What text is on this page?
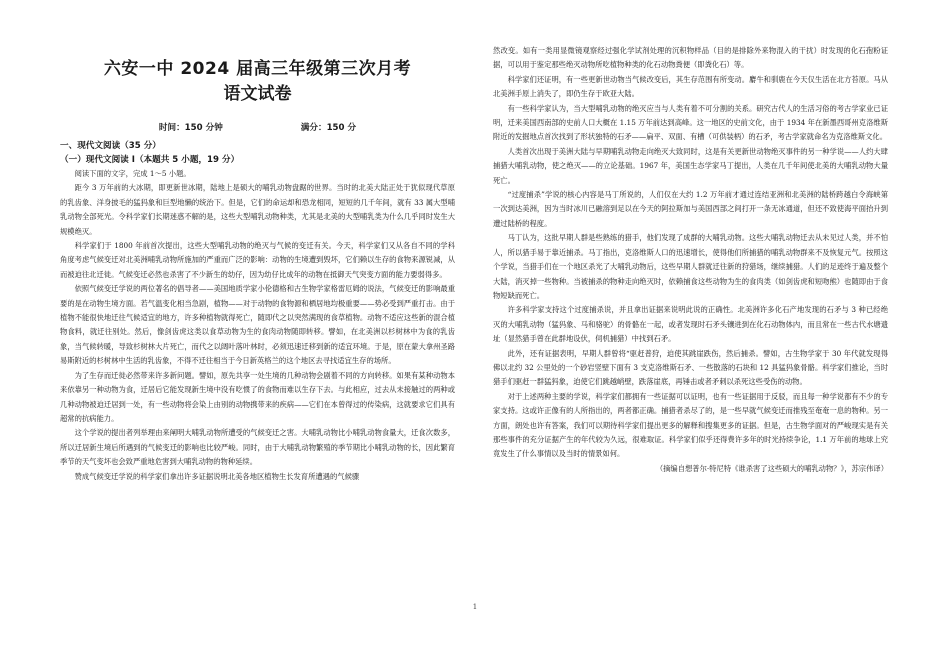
六安一中 2024 届高三年级第三次月考
语文试卷
时间：150 分钟	满分：150 分
一、现代文阅读（35 分）
（一）现代文阅读 I（本题共 5 小题，19 分）

阅读下面的文字，完成 1～5 小题。

距今 3 万年前的大冰期，即更新世冰期，陆地上是硕大的哺乳动物盘踞的世界。当时的北美大陆正处于犹似现代草原的乳齿象、洋身披毛的猛犸象和巨型地懒的统治下。但是，它们的命运却和恐龙相同，短短的几千年间，就有 33 属大型哺乳动物全部死光。令科学家们长期迷惑不解的是，这些大型哺乳动物种类，尤其是北美的大型哺乳类为什么几乎同时发生大规模绝灭。

科学家们于 1800 年前首次提出，这些大型哺乳动物的绝灭与气候的变迁有关。今天，科学家们又从各自不同的学科角度考虑气候变迁对北美洲哺乳动物所施加的严重而广泛的影响：动物的生境遭到毁坏，它们赖以生存的食物来源锐减，从而被迫往北迁徙。气候变迁必然也杀害了不少新生的幼仔，因为幼仔比成年的动物在抵御天气突变方面的能力要弱得多。

依照气候变迁学说的两位著名的倡导者——美国地质学家小伦德格和古生物学家格雷厄姆的说法，气候变迁的影响最重要的是在动物生境方面。若气温变化相当急剧，植物——对于动物的食物源和栖居地均极重要——势必受到严重打击。由于植物不能很快地迁往气候适宜的地方，许多种植物就得死亡，随即代之以突然满现的食草植物。动物不适应这些新的混合植物食料，就迁往别处。然后，像剑齿虎这类以食草动物为生的食肉动物随即转移。譬如，在北美洲以杉树林中为食的乳齿象，当气候转暖，导致杉树林大片死亡，而代之以阔叶落叶林时，必须迅速迁移到新的适宜环境。于是，原在蒙大拿州圣路易斯附近的杉树林中生活的乳齿象，不得不迁往相当于今日新英格兰的这个地区去寻找适宜生存的场所。

为了生存而迁徙必然带来许多新问题。譬如，原先共享一处生境的几种动物会剧着不同的方向转移。如果有某种动物本来依靠另一种动物为食，迁居后它能发现新生境中没有吃惯了的食物而难以生存下去。与此相应，过去从未接触过的两种或几种动物被迫迁居到一处，有一些动物将会染上由别的动物携带来的疾病——它们在本曾得过的传染病，这就要求它们具有超常的抗病能力。

这个学说的提出者列举理由来阐明大哺乳动物所遭受的气候变迁之害。大哺乳动物比小哺乳动物食量大，迁食次数多，所以迁居新生境后所遇到的气候变迁的影响也比较严峻。同时，由于大哺乳动物繁殖的季节期比小哺乳动物的长，因此繁育季节的天气变坏也会致严重地危害到大哺乳动物的物种延续。

赞成气候变迁学说的科学家们拿出许多证据说明北美各地区植物生长发育所遭遇的气候骤

然改变。如有一类用显微镜观察经过强化学试剂处理的沉积物样品（目的是排除外来物混入的干扰）时发现的化石孢粉证据，可以用于鉴定那些绝灭动物所吃植物种类的化石动物粪便（即粪化石）等。

科学家们还证明，有一些更新世动物当气候改变后，其生存范围有所变动。麝牛和驯鹿在今天仅生活在北方苔原。马从北美洲手原上消失了，即仍生存于欧亚大陆。

有一些科学家认为，当大型哺乳动物的绝灭应当与人类有着不可分割的关系。研究古代人的生活习俗的考古学家业已证明，迁来美国西南部的史前人口大概在 1.15 万年前达到高峰。这一地区的史前文化，由于 1934 年在新墨西哥州克洛维斯附近的发掘地点首次找到了形状独特的石矛——扁平、双面、有槽（可供装柄）的石矛，考古学家就命名为克洛维斯文化。

人类首次出现于美洲大陆与早期哺乳动物走向绝灭大致同时，这是有关更新世动物绝灭事件的另一种学说——人约大肆捕猎大哺乳动物，使之绝灭——的立论基础。1967 年，美国生态学家马丁提出，人类在几千年间使北美的大哺乳动物大量死亡。

“过度捕杀”学说的核心内容是马丁所说的，人们仅在大约 1.2 万年前才通过连结亚洲和北美洲的陆桥跨越白令海峡第一次到达美洲，因为当时冰川已融溶到足以在今天的阿拉斯加与美国西部之间打开一条无冰通道，但还不致使海平面抬升到遭过陆桥的程度。

马丁认为，这批早期人群是些熟练的猎手，他们发现了成群的大哺乳动物。这些大哺乳动物迁去从未见过人类，并不怕人，所以猎手易于靠近捕杀。马丁指出，克洛维斯人口的迅速增长，使得他们所捕猎的哺乳动物群来不及恢复元气。按照这个学说，当猎手们在一个地区杀光了大哺乳动物后，这些早期人群就迁往新的狩猎场，继续捕猎。人们的足迹终于遍及整个大陆，消灭掉一些物种。当被捕杀的物种走向绝灭时，依赖捕食这些动物为生的食肉类（如剑齿虎和短吻熊）也随即由于食物短缺而死亡。

许多科学家支持这个过度捕杀说，并且拿出证据来说明此说的正确性。北美洲许多化石产地发现的石矛与 3 种已经绝灭的大哺乳动物（猛犸象、马和骆驼）的骨骼在一起，或者发现时石矛头镶进到在化石动物体内，而且常在一些古代水塘遗址（显然猎手曾在此群地设伏，伺机捕猎）中找到石矛。

此外，还有证据表明，早期人群曾将“驱赶普狩，迫使其跳崖跌伤，然后捕杀。譬如，古生物学家于 30 年代就发现得佛以北约 32 公里处的一个砂岩竖壁下面有 3 支克洛维斯石矛、一些散落的石块和 12 具猛犸象骨骼。科学家们推论，当时猎手们驱赶一群猛犸象，迫使它们跳越峭壁，跌落崖底，再锤击或者矛刺以杀死这些受伤的动物。

对于上述两种主要的学说，科学家们都拥有一些证据可以证明，也有一些证据用于反驳，而且每一种学说都有不少的专家支持。这或许正像有的人所指出的，两者都正确。捕猎者杀尽了的，是一些早就气候变迁而推残至奄奄一息的物种。另一方面，朗处也许有答案，我们可以期待科学家们提出更多的解释和搜集更多的证据。但是，古生物学面对的严峻现实是有关那些事件的充分证据产生的年代较为久远，很难取证。科学家们似乎还得费许多年的时光持续争论，1.1 万年前的地球上究竟发生了什么事情以及当时的情景如何。

（摘编自想普尔·特尼特《谁杀害了这些硕大的哺乳动物？》，苏宗伟译）
1
